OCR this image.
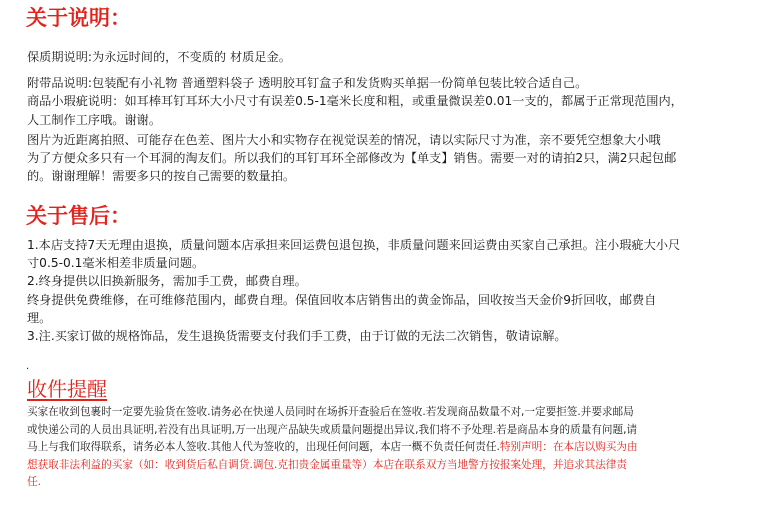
关于说明：
保质期说明:为永远时间的，不变质的 材质足金。
附带品说明:包装配有小礼物 普通塑料袋子 透明胶耳钉盒子和发货购买单据一份简单包装比较合适自己。
商品小瑕疵说明：如耳棒耳钉耳环大小尺寸有误差0.5-1毫米长度和粗，或重量微误差0.01一支的，都属于正常现范围内，
人工制作工序哦。谢谢。
图片为近距离拍照、可能存在色差、图片大小和实物存在视觉误差的情况，请以实际尺寸为准，亲不要凭空想象大小哦
为了方便众多只有一个耳洞的淘友们。所以我们的耳钉耳环全部修改为【单支】销售。需要一对的请拍2只，满2只起包邮
的。谢谢理解！需要多只的按自己需要的数量拍。
关于售后：
1.本店支持7天无理由退换，质量问题本店承担来回运费包退包换，非质量问题来回运费由买家自己承担。注小瑕疵大小尺
寸0.5-0.1毫米相差非质量问题。
2.终身提供以旧换新服务，需加手工费，邮费自理。
终身提供免费维修，在可维修范围内，邮费自理。保值回收本店销售出的黄金饰品，回收按当天金价9折回收，邮费自
理。
3.注.买家订做的规格饰品，发生退换货需要支付我们手工费，由于订做的无法二次销售，敬请谅解。
.
收件提醒
买家在收到包裹时一定要先验货在签收.请务必在快递人员同时在场拆开查验后在签收.若发现商品数量不对,一定要拒签.并要求邮局
或快递公司的人员出具证明,若没有出具证明,万一出现产品缺失或质量问题提出异议,我们将不予处理.若是商品本身的质量有问题,请
马上与我们取得联系，请务必本人签收.其他人代为签收的，出现任何问题，本店一概不负责任何责任.特别声明：在本店以购买为由
想获取非法利益的买家（如：收到货后私自调货.调包.克扣贵金属重量等）本店在联系双方当地警方按报案处理，并追求其法律责
任.
